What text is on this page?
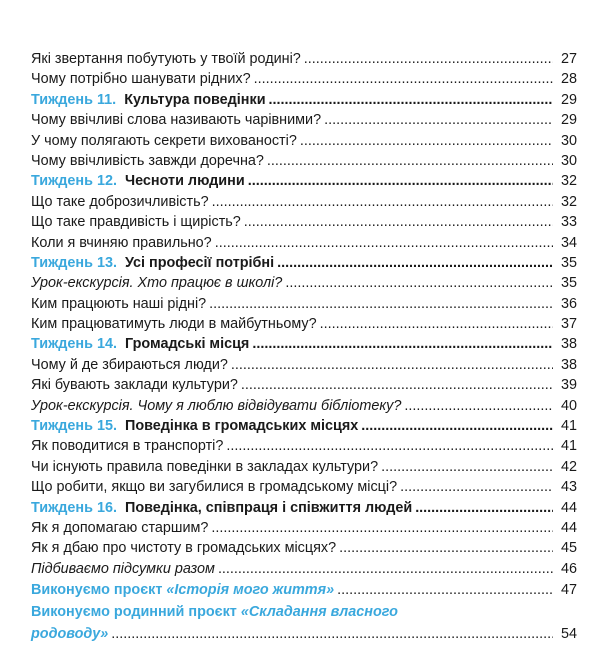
Які звертання побутують у твоїй родині? .....	27
Чому потрібно шанувати рідних? .....	28
Тиждень 11. Культура поведінки .....	29
Чому ввічливі слова називають чарівними? .....	29
У чому полягають секрети вихованості? .....	30
Чому ввічливість завжди доречна? .....	30
Тиждень 12. Чесноти людини .....	32
Що таке доброзичливість? .....	32
Що таке правдивість і щирість? .....	33
Коли я вчиняю правильно? .....	34
Тиждень 13. Усі професії потрібні .....	35
Урок-екскурсія. Хто працює в школі? .....	35
Ким працюють наші рідні? .....	36
Ким працюватимуть люди в майбутньому? .....	37
Тиждень 14. Громадські місця .....	38
Чому й де збираються люди? .....	38
Які бувають заклади культури? .....	39
Урок-екскурсія. Чому я люблю відвідувати бібліотеку? .....	40
Тиждень 15. Поведінка в громадських місцях .....	41
Як поводитися в транспорті? .....	41
Чи існують правила поведінки в закладах культури? .....	42
Що робити, якщо ви загубилися в громадському місці? .....	43
Тиждень 16. Поведінка, співпраця і співжиття людей .....	44
Як я допомагаю старшим? .....	44
Як я дбаю про чистоту в громадських місцях? .....	45
Підбиваємо підсумки разом .....	46
Виконуємо проєкт «Історія мого життя» .....	47
Виконуємо родинний проєкт «Складання власного
родоводу» .....	54
